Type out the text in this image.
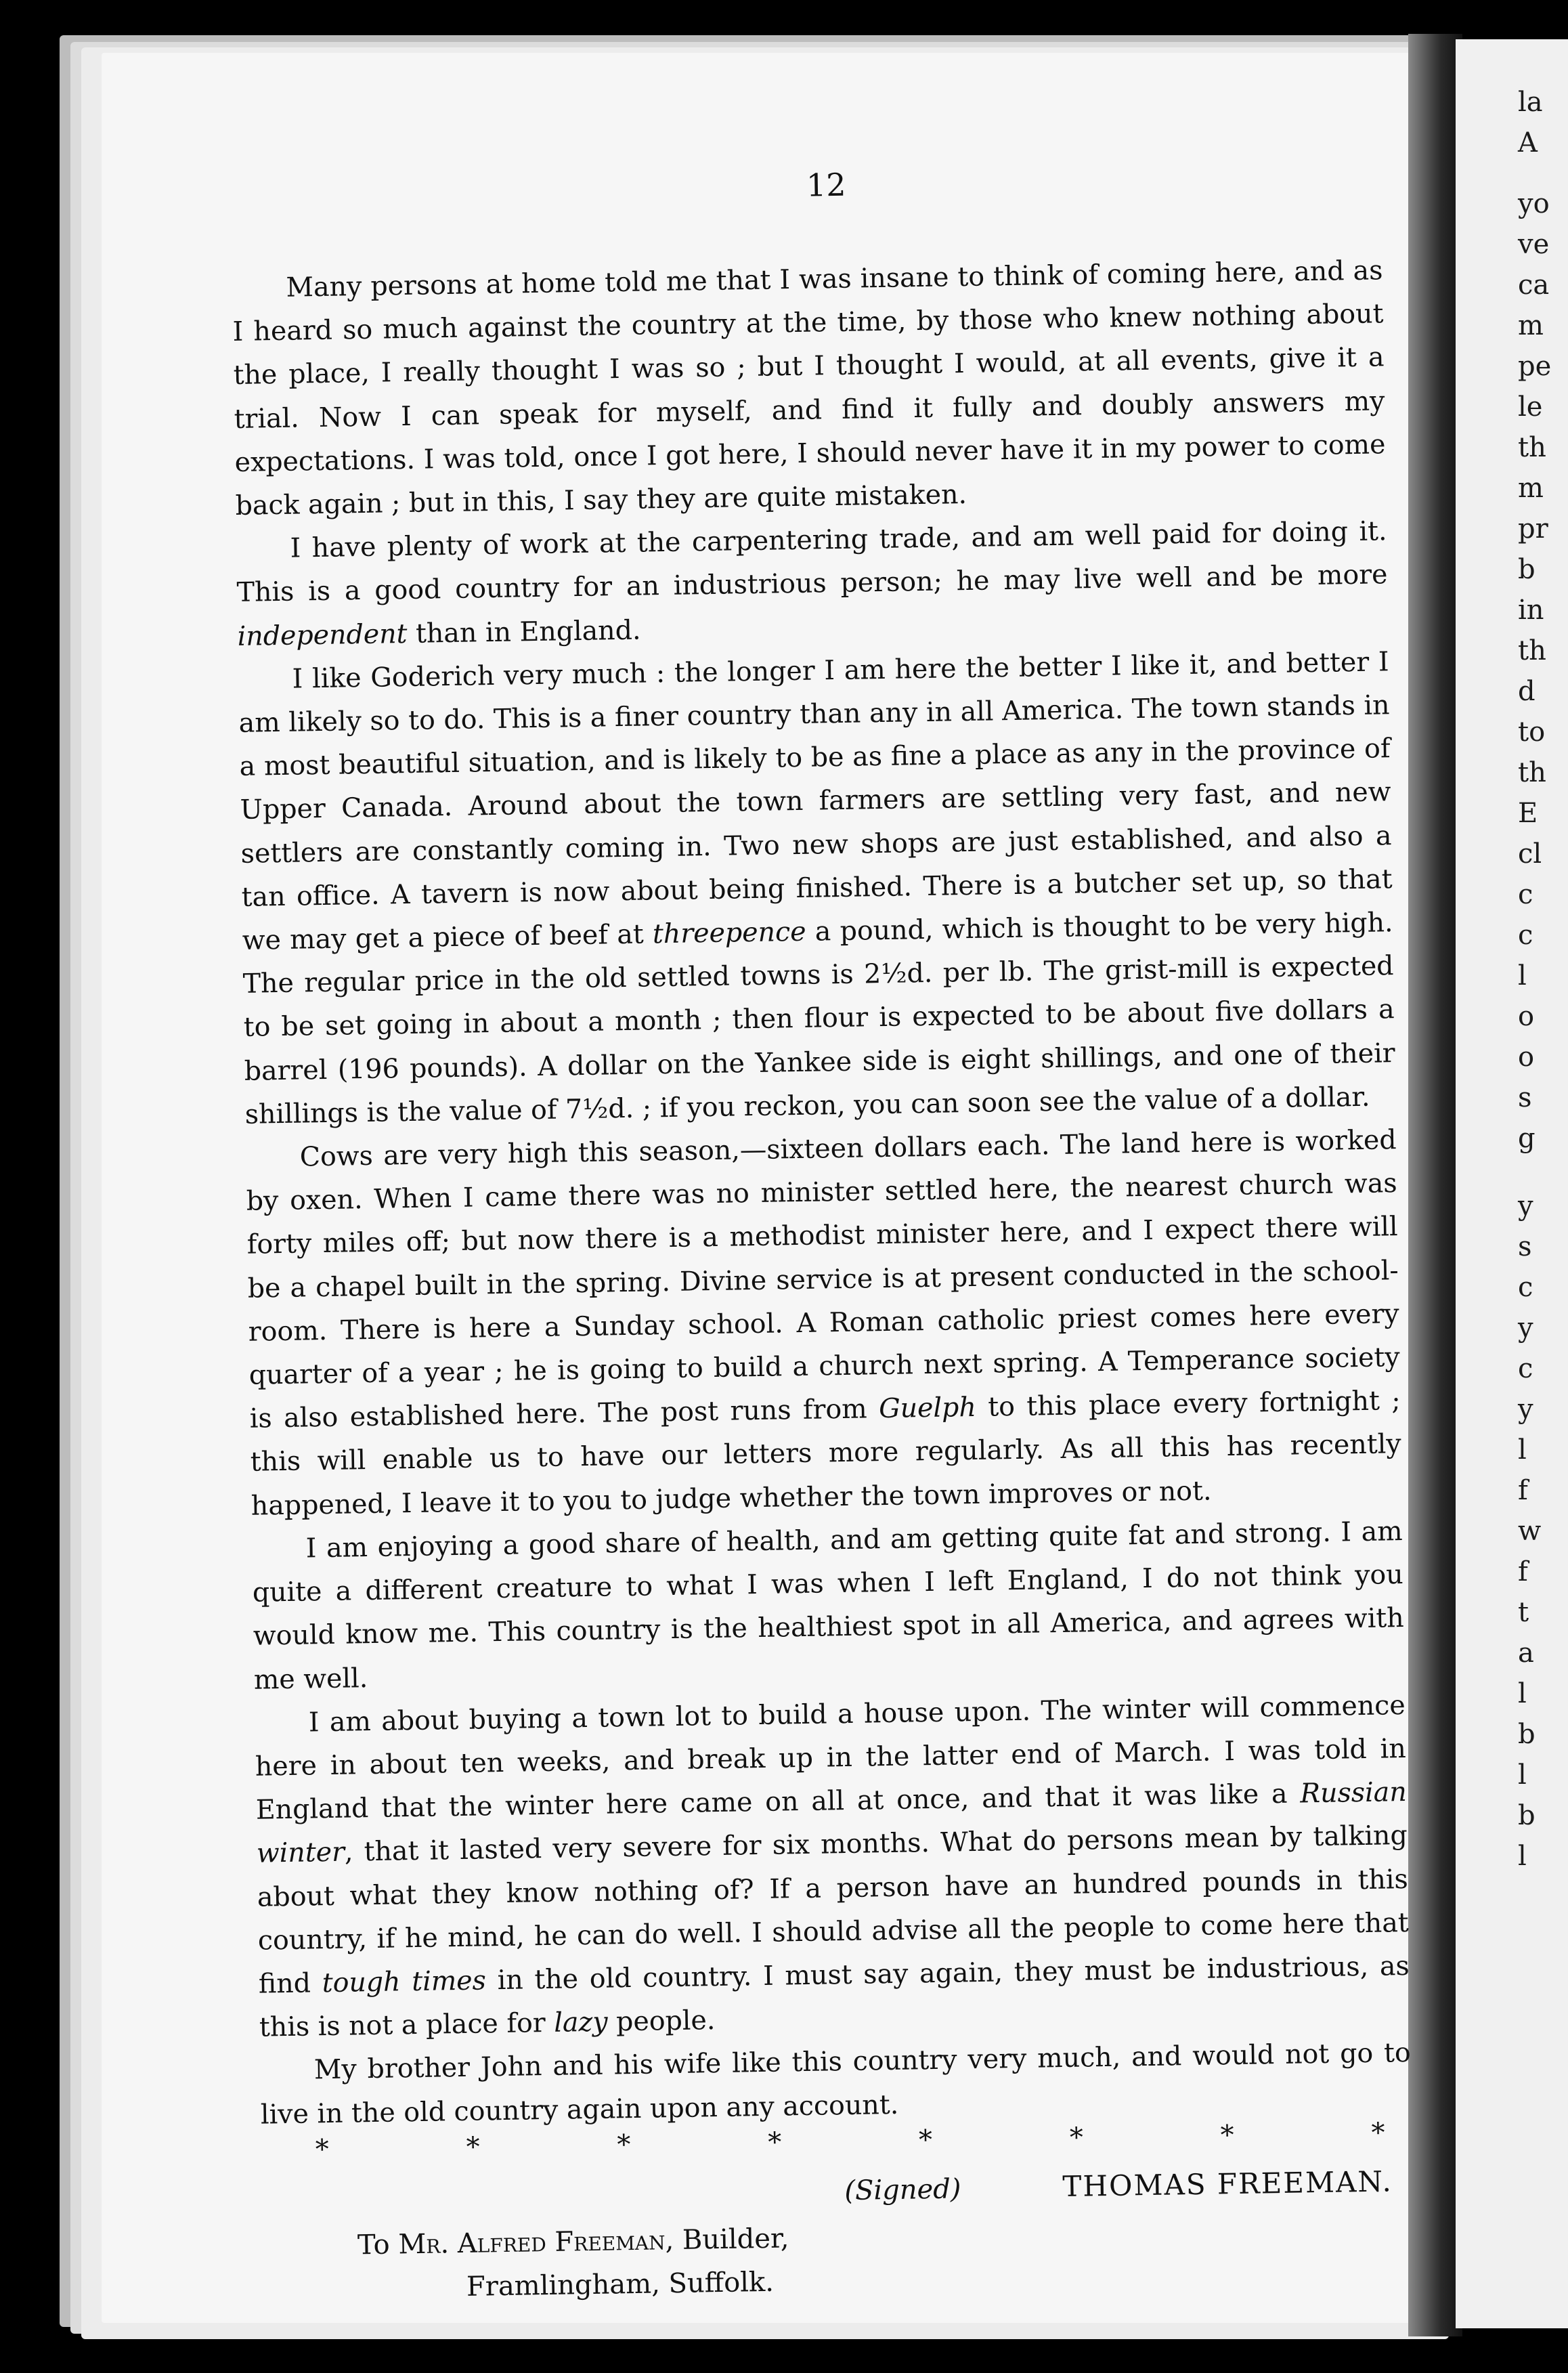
la
A
yo
ve
ca
m
pe
le
th
m
pr
b
in
th
d
to
th
E
cl
c
c
l
o
o
s
g
y
s
c
y
c
y
l
f
w
f
t
a
l
b
l
b
l
12

Many persons at home told me that I was insane to think of coming here, and as I heard so much against the country at the time, by those who knew nothing about the place, I really thought I was so ; but I thought I would, at all events, give it a trial. Now I can speak for myself, and find it fully and doubly answers my expectations. I was told, once I got here, I should never have it in my power to come back again ; but in this, I say they are quite mistaken.

I have plenty of work at the carpentering trade, and am well paid for doing it. This is a good country for an industrious person; he may live well and be more independent than in England.

I like Goderich very much : the longer I am here the better I like it, and better I am likely so to do. This is a finer country than any in all America. The town stands in a most beautiful situation, and is likely to be as fine a place as any in the province of Upper Canada. Around about the town farmers are settling very fast, and new settlers are constantly coming in. Two new shops are just established, and also a tan office. A tavern is now about being finished. There is a butcher set up, so that we may get a piece of beef at threepence a pound, which is thought to be very high. The regular price in the old settled towns is 2½d. per lb. The grist-mill is expected to be set going in about a month ; then flour is expected to be about five dollars a barrel (196 pounds). A dollar on the Yankee side is eight shillings, and one of their shillings is the value of 7½d. ; if you reckon, you can soon see the value of a dollar.

Cows are very high this season,—sixteen dollars each. The land here is worked by oxen. When I came there was no minister settled here, the nearest church was forty miles off; but now there is a methodist minister here, and I expect there will be a chapel built in the spring. Divine service is at present conducted in the school-room. There is here a Sunday school. A Roman catholic priest comes here every quarter of a year ; he is going to build a church next spring. A Temperance society is also established here. The post runs from Guelph to this place every fortnight ; this will enable us to have our letters more regularly. As all this has recently happened, I leave it to you to judge whether the town improves or not.

I am enjoying a good share of health, and am getting quite fat and strong. I am quite a different creature to what I was when I left England, I do not think you would know me. This country is the healthiest spot in all America, and agrees with me well.

I am about buying a town lot to build a house upon. The winter will commence here in about ten weeks, and break up in the latter end of March. I was told in England that the winter here came on all at once, and that it was like a Russian winter, that it lasted very severe for six months. What do persons mean by talking about what they know nothing of? If a person have an hundred pounds in this country, if he mind, he can do well. I should advise all the people to come here that find tough times in the old country. I must say again, they must be industrious, as this is not a place for lazy people.

My brother John and his wife like this country very much, and would not go to live in the old country again upon any account.

*	*	*	*	*	*	*	*
(Signed)	THOMAS FREEMAN.
To Mr. Alfred Freeman, Builder,
Framlingham, Suffolk.
